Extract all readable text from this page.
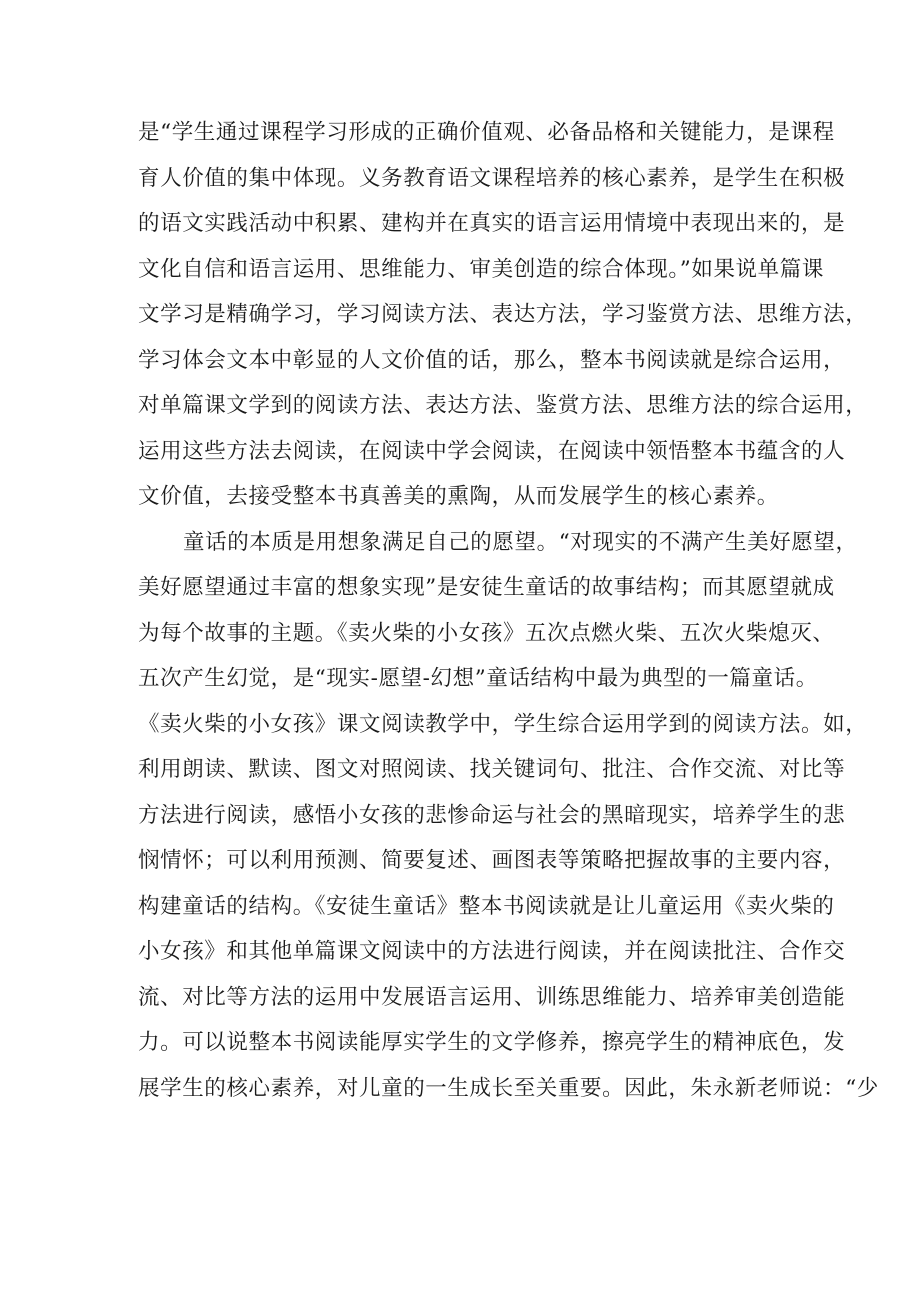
是“学生通过课程学习形成的正确价值观、必备品格和关键能力，是课程
育人价值的集中体现。义务教育语文课程培养的核心素养，是学生在积极
的语文实践活动中积累、建构并在真实的语言运用情境中表现出来的，是
文化自信和语言运用、思维能力、审美创造的综合体现。”如果说单篇课
文学习是精确学习，学习阅读方法、表达方法，学习鉴赏方法、思维方法，
学习体会文本中彰显的人文价值的话，那么，整本书阅读就是综合运用，
对单篇课文学到的阅读方法、表达方法、鉴赏方法、思维方法的综合运用，
运用这些方法去阅读，在阅读中学会阅读，在阅读中领悟整本书蕴含的人
文价值，去接受整本书真善美的熏陶，从而发展学生的核心素养。
童话的本质是用想象满足自己的愿望。“对现实的不满产生美好愿望，
美好愿望通过丰富的想象实现”是安徒生童话的故事结构；而其愿望就成
为每个故事的主题。《卖火柴的小女孩》五次点燃火柴、五次火柴熄灭、
五次产生幻觉，是“现实-愿望-幻想”童话结构中最为典型的一篇童话。
《卖火柴的小女孩》课文阅读教学中，学生综合运用学到的阅读方法。如，
利用朗读、默读、图文对照阅读、找关键词句、批注、合作交流、对比等
方法进行阅读，感悟小女孩的悲惨命运与社会的黑暗现实，培养学生的悲
悯情怀；可以利用预测、简要复述、画图表等策略把握故事的主要内容，
构建童话的结构。《安徒生童话》整本书阅读就是让儿童运用《卖火柴的
小女孩》和其他单篇课文阅读中的方法进行阅读，并在阅读批注、合作交
流、对比等方法的运用中发展语言运用、训练思维能力、培养审美创造能
力。可以说整本书阅读能厚实学生的文学修养，擦亮学生的精神底色，发
展学生的核心素养，对儿童的一生成长至关重要。因此，朱永新老师说：“少
